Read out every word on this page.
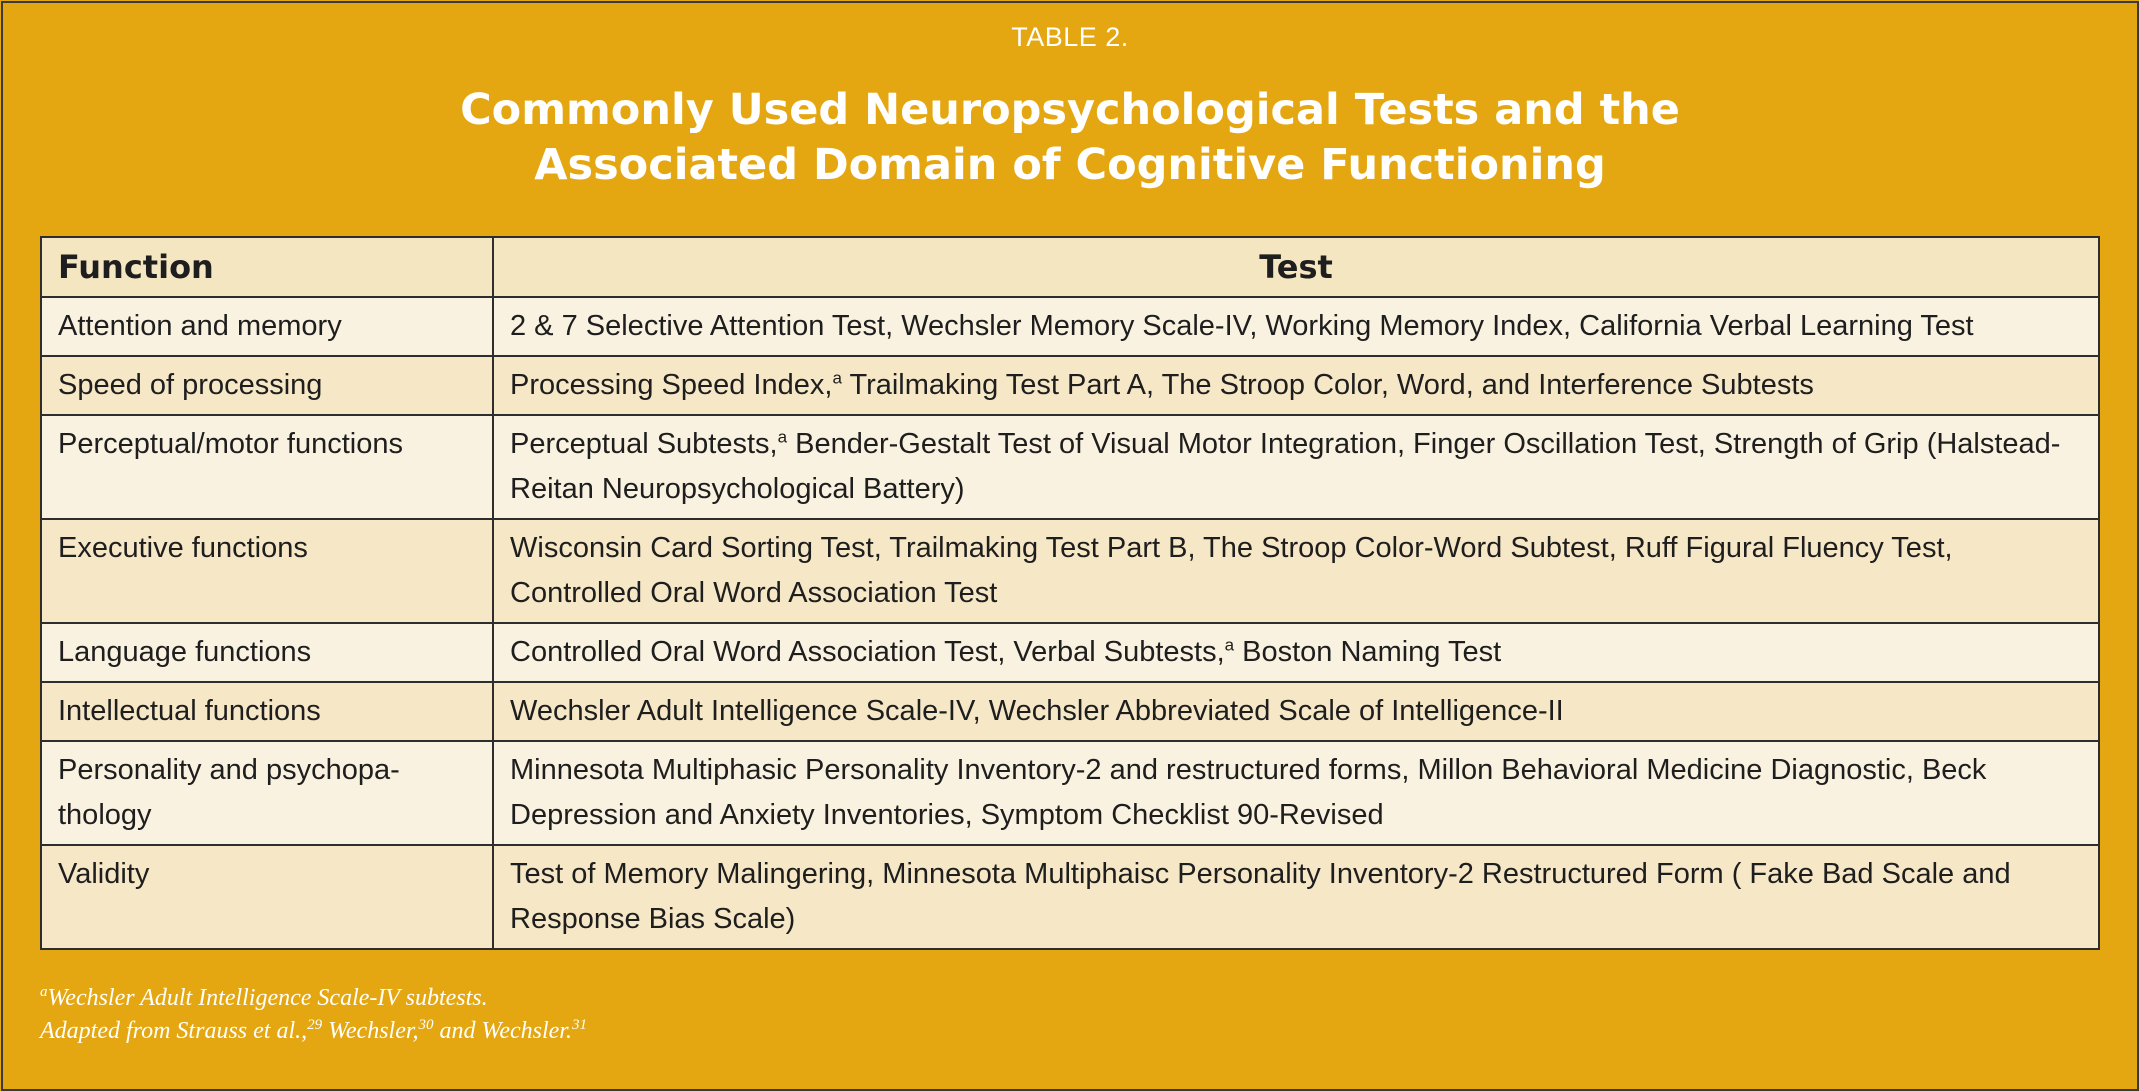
TABLE 2.
Commonly Used Neuropsychological Tests and the
Associated Domain of Cognitive Functioning
Function	Test
Attention and memory	2 & 7 Selective Attention Test, Wechsler Memory Scale-IV, Working Memory Index, California Verbal Learning Test
Speed of processing	Processing Speed Index,$^a$ Trailmaking Test Part A, The Stroop Color, Word, and Interference Subtests
Perceptual/motor functions	Perceptual Subtests,$^a$ Bender-Gestalt Test of Visual Motor Integration, Finger Oscillation Test, Strength of Grip (Halstead-Reitan Neuropsychological Battery)
Executive functions	Wisconsin Card Sorting Test, Trailmaking Test Part B, The Stroop Color-Word Subtest, Ruff Figural Fluency Test, Controlled Oral Word Association Test
Language functions	Controlled Oral Word Association Test, Verbal Subtests,$^a$ Boston Naming Test
Intellectual functions	Wechsler Adult Intelligence Scale-IV, Wechsler Abbreviated Scale of Intelligence-II
Personality and psychopa-thology	Minnesota Multiphasic Personality Inventory-2 and restructured forms, Millon Behavioral Medicine Diagnostic, Beck Depression and Anxiety Inventories, Symptom Checklist 90-Revised
Validity	Test of Memory Malingering, Minnesota Multiphaisc Personality Inventory-2 Restructured Form ( Fake Bad Scale and Response Bias Scale)
$^a$Wechsler Adult Intelligence Scale-IV subtests.
Adapted from Strauss et al.,$^{29}$ Wechsler,$^{30}$ and Wechsler.$^{31}$
